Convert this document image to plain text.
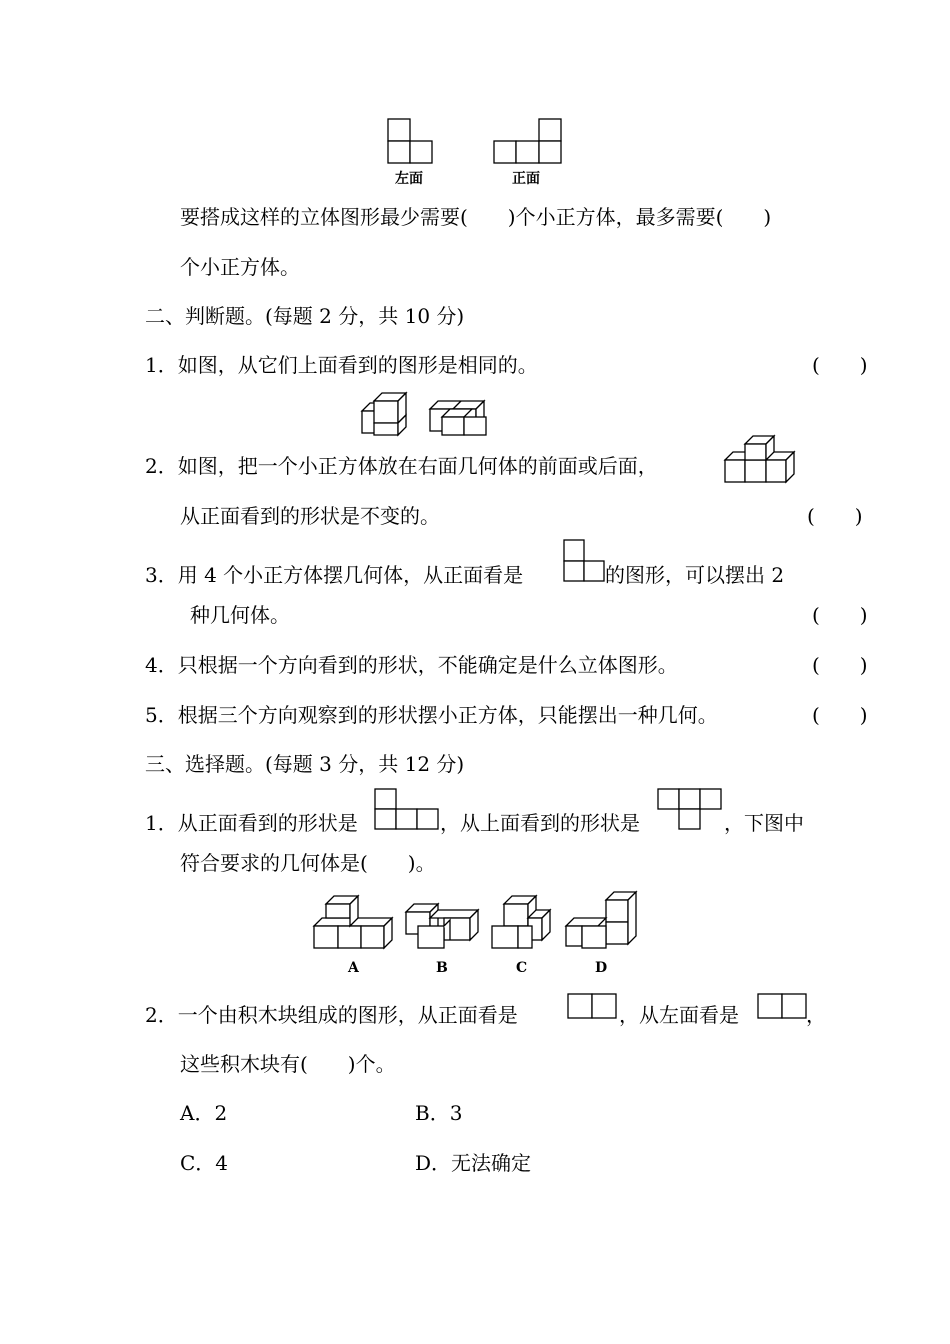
左面	正面
要搭成这样的立体图形最少需要(　　)个小正方体，最多需要(　　)
个小正方体。
二、判断题。(每题 2 分，共 10 分)
1．如图，从它们上面看到的图形是相同的。	(　　)
2．如图，把一个小正方体放在右面几何体的前面或后面，
从正面看到的形状是不变的。	(　　)
3．用 4 个小正方体摆几何体，从正面看是	的图形，可以摆出 2
种几何体。	(　　)
4．只根据一个方向看到的形状，不能确定是什么立体图形。	(　　)
5．根据三个方向观察到的形状摆小正方体，只能摆出一种几何。	(　　)
三、选择题。(每题 3 分，共 12 分)
1．从正面看到的形状是	，从上面看到的形状是	，下图中
符合要求的几何体是(　　)。
A	B	C	D
2．一个由积木块组成的图形，从正面看是	，从左面看是	，
这些积木块有(　　)个。
A．2	B．3
C．4	D．无法确定
